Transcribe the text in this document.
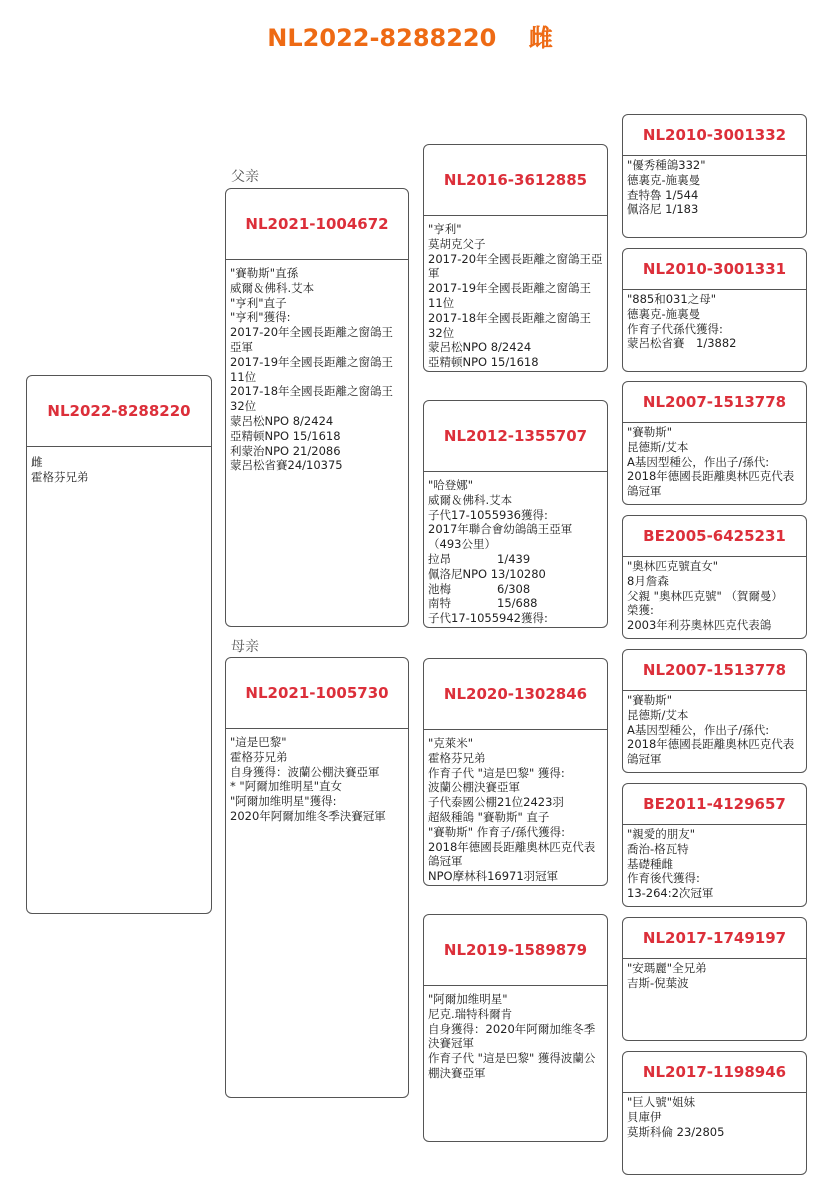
NL2022-8288220 雌
父亲
母亲
NL2022-8288220
雌
霍格芬兄弟
NL2021-1004672
"賽勒斯"直孫
威爾＆佛科.艾本
"亨利"直子
"亨利"獲得:
2017-20年全國長距離之窗鴿王亞軍
2017-19年全國長距離之窗鴿王11位
2017-18年全國長距離之窗鴿王32位
蒙呂松NPO 8/2424
亞精顿NPO 15/1618
利蒙治NPO 21/2086
蒙呂松省賽24/10375
NL2021-1005730
"這是巴黎"
霍格芬兄弟
自身獲得：波蘭公棚決賽亞軍
* "阿爾加维明星"直女
"阿爾加维明星"獲得:
2020年阿爾加维冬季決賽冠軍
NL2016-3612885
"亨利"
莫胡克父子
2017-20年全國長距離之窗鴿王亞軍
2017-19年全國長距離之窗鴿王11位
2017-18年全國長距離之窗鴿王32位
蒙呂松NPO 8/2424
亞精顿NPO 15/1618
NL2012-1355707
"哈登娜"
威爾＆佛科.艾本
子代17-1055936獲得:
2017年聯合會幼鴿鴿王亞軍（493公里）
拉昂　　　　1/439
佩洛尼NPO 13/10280
池梅　　　　6/308
南特　　　　15/688
子代17-1055942獲得:
NL2020-1302846
"克萊米"
霍格芬兄弟
作育子代 "這是巴黎" 獲得:
波蘭公棚決賽亞軍
子代泰國公棚21位2423羽
超級種鴿 "賽勒斯" 直子
"賽勒斯" 作育子/孫代獲得:
2018年德國長距離奧林匹克代表鴿冠軍
NPO摩林科16971羽冠軍
NL2019-1589879
"阿爾加维明星"
尼克.瑞特科爾肯
自身獲得：2020年阿爾加维冬季決賽冠軍
作育子代 "這是巴黎" 獲得波蘭公棚決賽亞軍
NL2010-3001332
"優秀種鴿332"
德裏克-施裏曼
查特魯 1/544
佩洛尼 1/183
NL2010-3001331
"885和031之母"
德裏克-施裏曼
作育子代孫代獲得:
蒙呂松省賽　1/3882
NL2007-1513778
"賽勒斯"
昆德斯/艾本
A基因型種公，作出子/孫代:
2018年德國長距離奧林匹克代表鴿冠軍
BE2005-6425231
"奧林匹克號直女"
8月詹森
父親 "奧林匹克號" （賀爾曼）
榮獲:
2003年利芬奧林匹克代表鴿
NL2007-1513778
"賽勒斯"
昆德斯/艾本
A基因型種公，作出子/孫代:
2018年德國長距離奧林匹克代表鴿冠軍
BE2011-4129657
"親愛的朋友"
喬治-格瓦特
基礎種雌
作育後代獲得:
13-264:2次冠軍
NL2017-1749197
"安瑪麗"全兄弟
吉斯-倪葉波
NL2017-1198946
"巨人號"姐妹
貝庫伊
莫斯科倫 23/2805
